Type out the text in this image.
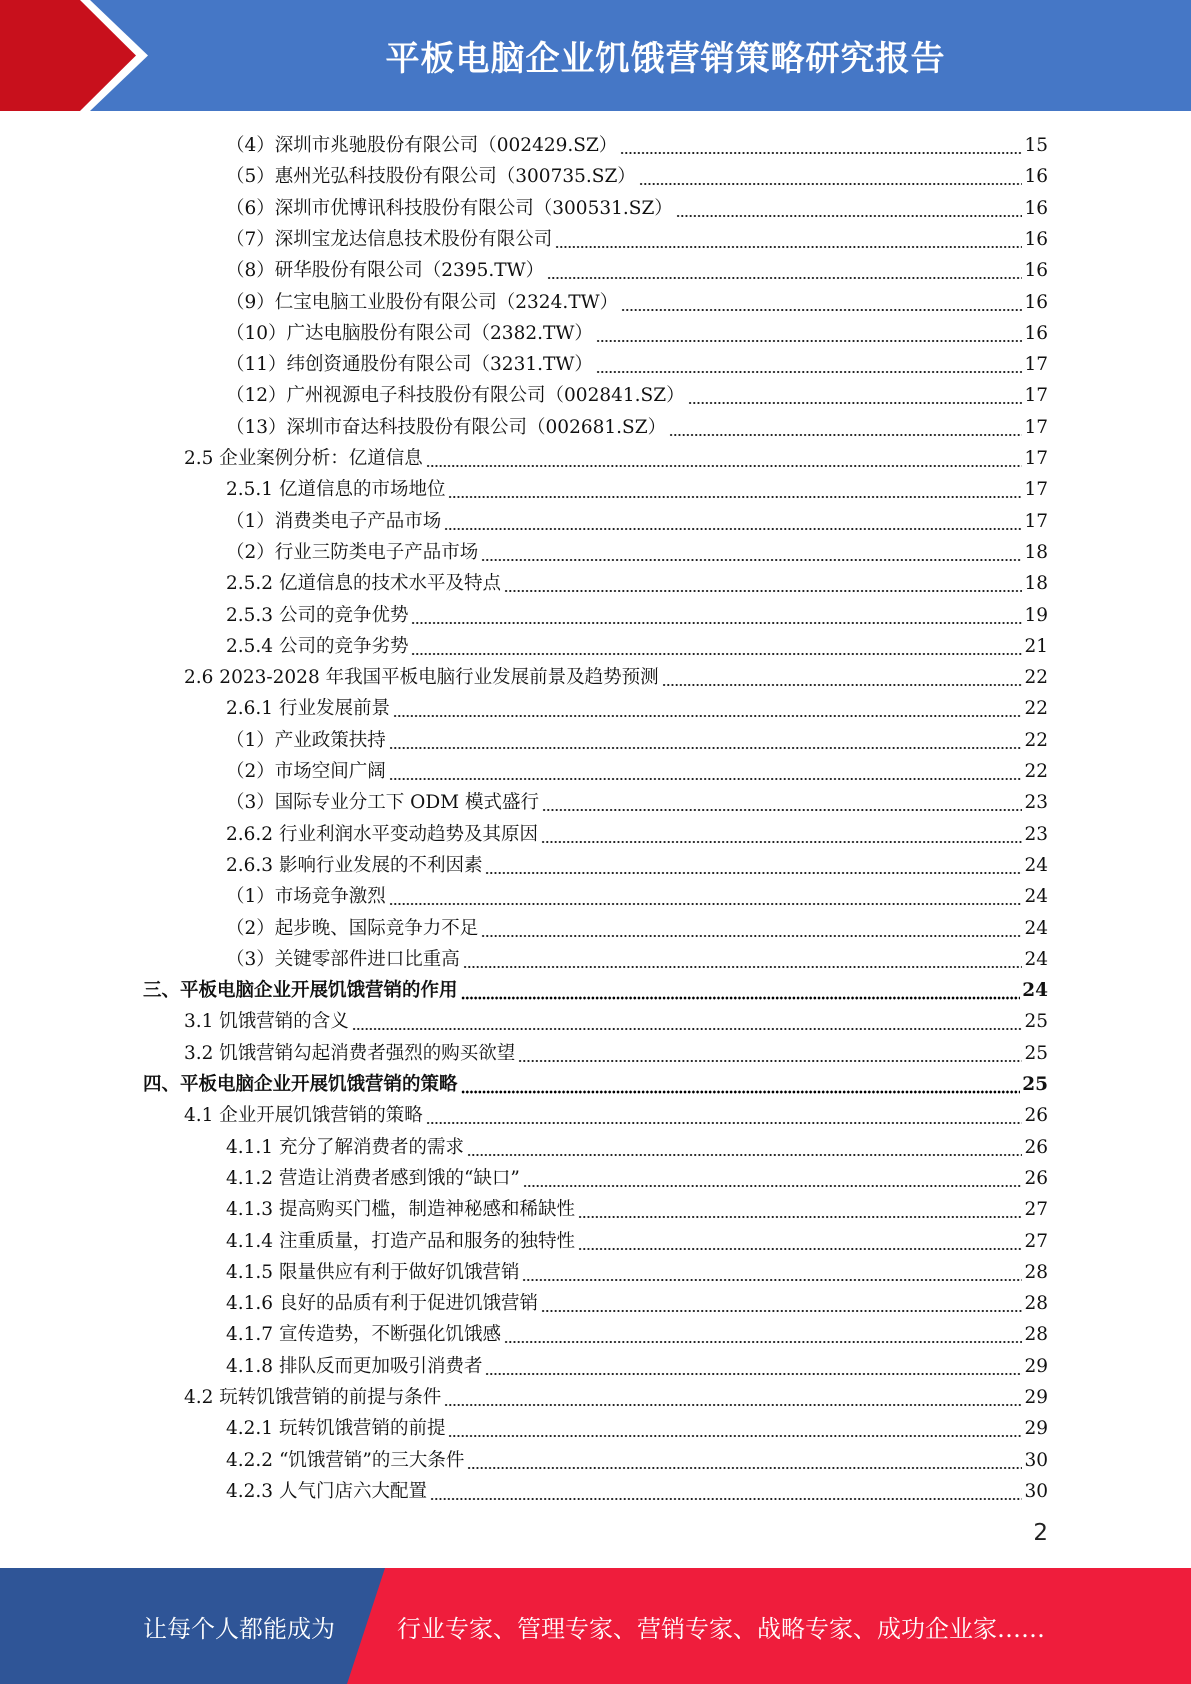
平板电脑企业饥饿营销策略研究报告
（4）深圳市兆驰股份有限公司（002429.SZ）	15
（5）惠州光弘科技股份有限公司（300735.SZ）	16
（6）深圳市优博讯科技股份有限公司（300531.SZ）	16
（7）深圳宝龙达信息技术股份有限公司	16
（8）研华股份有限公司（2395.TW）	16
（9）仁宝电脑工业股份有限公司（2324.TW）	16
（10）广达电脑股份有限公司（2382.TW）	16
（11）纬创资通股份有限公司（3231.TW）	17
（12）广州视源电子科技股份有限公司（002841.SZ）	17
（13）深圳市奋达科技股份有限公司（002681.SZ）	17
2.5 企业案例分析：亿道信息	17
2.5.1 亿道信息的市场地位	17
（1）消费类电子产品市场	17
（2）行业三防类电子产品市场	18
2.5.2 亿道信息的技术水平及特点	18
2.5.3 公司的竞争优势	19
2.5.4 公司的竞争劣势	21
2.6 2023-2028 年我国平板电脑行业发展前景及趋势预测	22
2.6.1 行业发展前景	22
（1）产业政策扶持	22
（2）市场空间广阔	22
（3）国际专业分工下 ODM 模式盛行	23
2.6.2 行业利润水平变动趋势及其原因	23
2.6.3 影响行业发展的不利因素	24
（1）市场竞争激烈	24
（2）起步晚、国际竞争力不足	24
（3）关键零部件进口比重高	24
三、平板电脑企业开展饥饿营销的作用	24
3.1 饥饿营销的含义	25
3.2 饥饿营销勾起消费者强烈的购买欲望	25
四、平板电脑企业开展饥饿营销的策略	25
4.1 企业开展饥饿营销的策略	26
4.1.1 充分了解消费者的需求	26
4.1.2 营造让消费者感到饿的“缺口”	26
4.1.3 提高购买门槛，制造神秘感和稀缺性	27
4.1.4 注重质量，打造产品和服务的独特性	27
4.1.5 限量供应有利于做好饥饿营销	28
4.1.6 良好的品质有利于促进饥饿营销	28
4.1.7 宣传造势，不断强化饥饿感	28
4.1.8 排队反而更加吸引消费者	29
4.2 玩转饥饿营销的前提与条件	29
4.2.1 玩转饥饿营销的前提	29
4.2.2 “饥饿营销”的三大条件	30
4.2.3 人气门店六大配置	30
2
让每个人都能成为	行业专家、管理专家、营销专家、战略专家、成功企业家……
